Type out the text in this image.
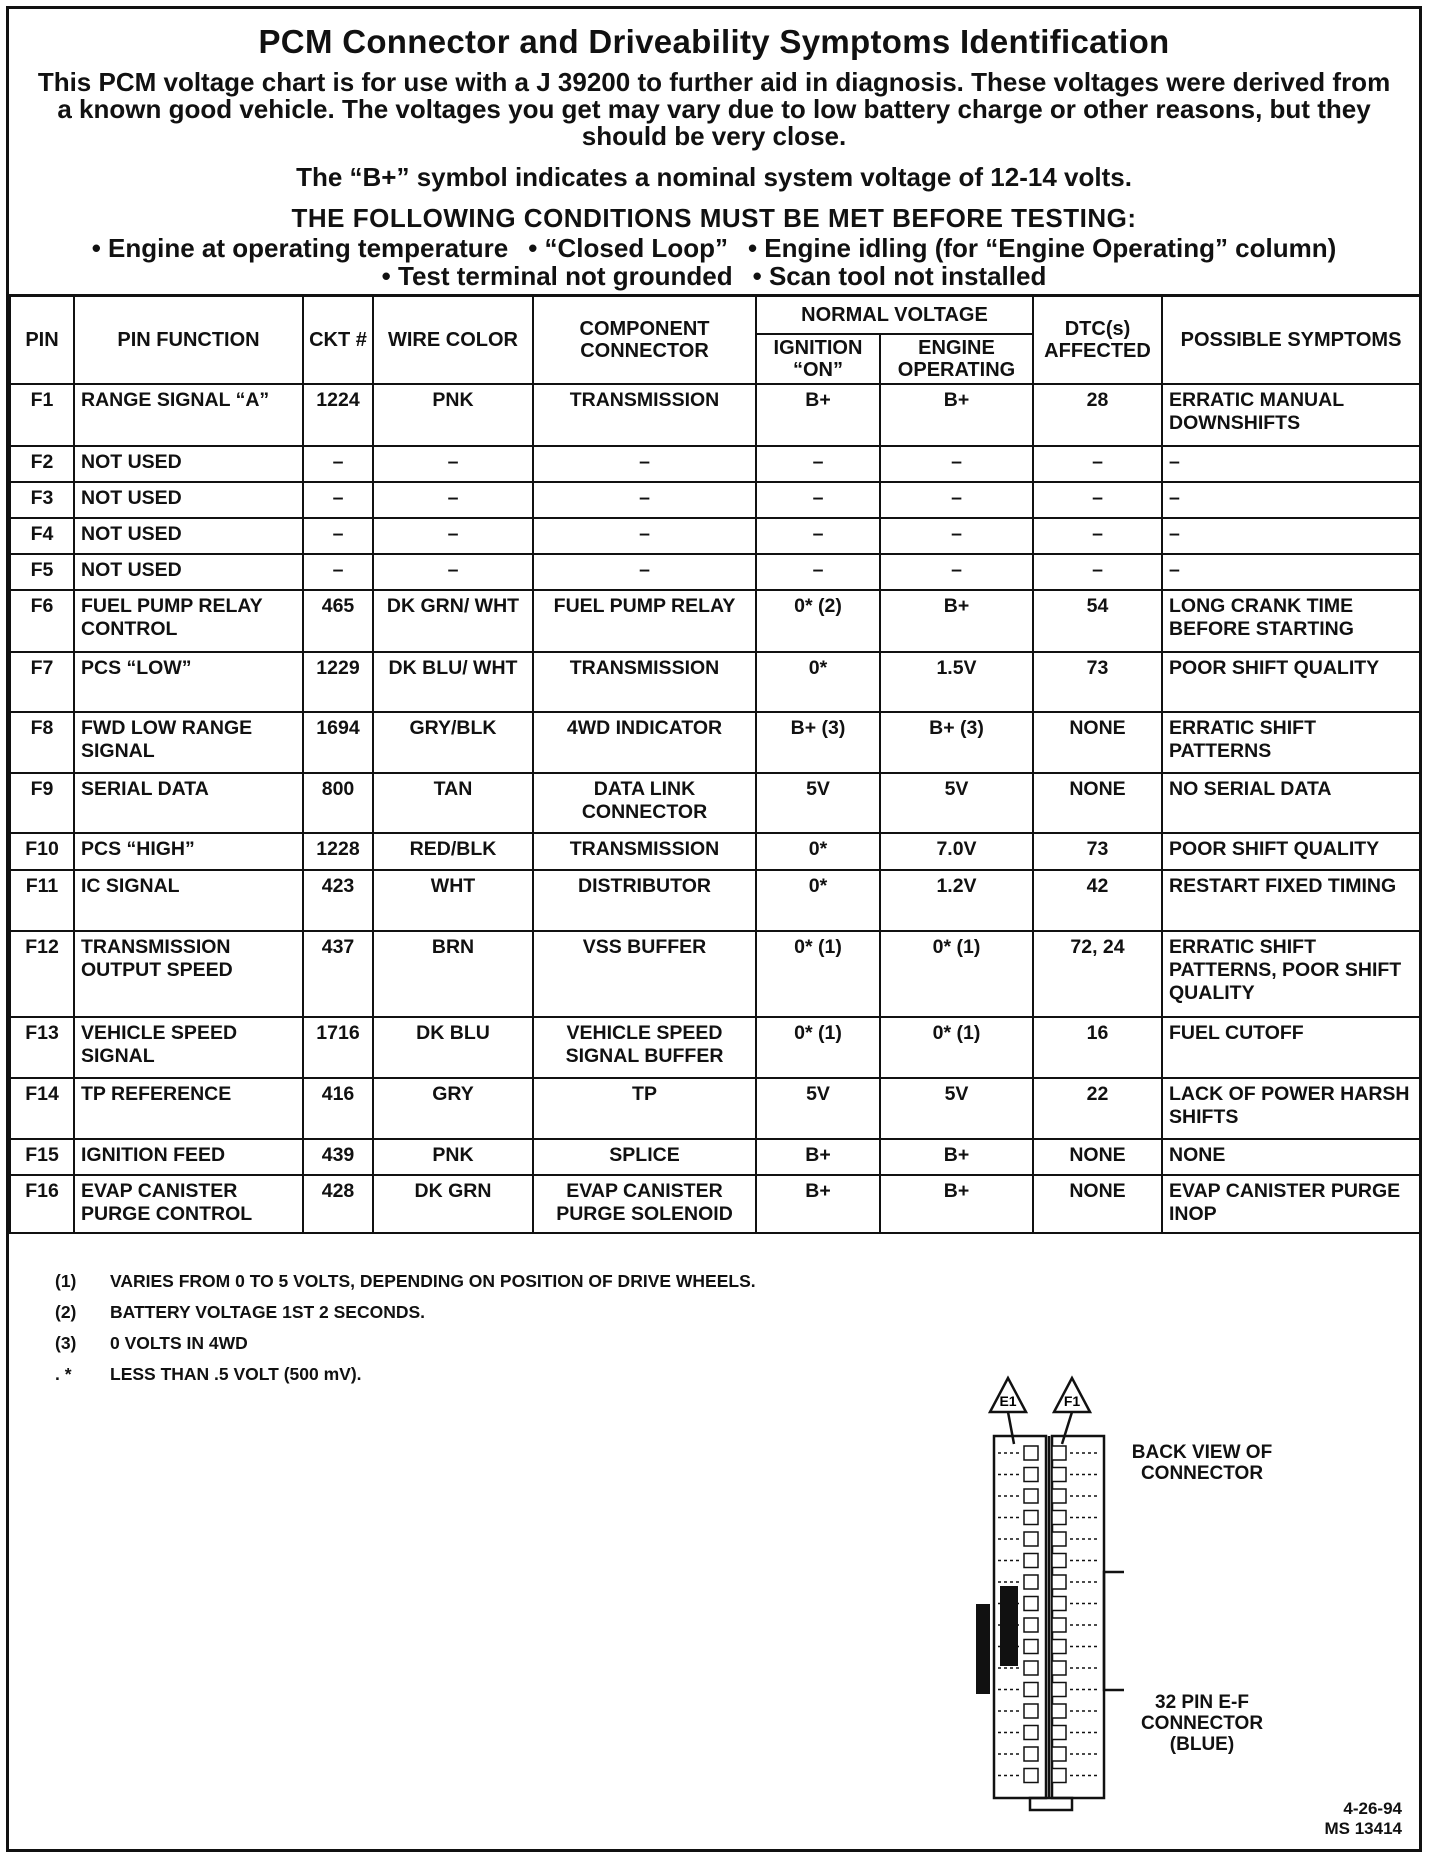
PCM Connector and Driveability Symptoms Identification
This PCM voltage chart is for use with a J 39200 to further aid in diagnosis. These voltages were derived from a known good vehicle. The voltages you get may vary due to low battery charge or other reasons, but they should be very close.
The “B+” symbol indicates a nominal system voltage of 12-14 volts.
THE FOLLOWING CONDITIONS MUST BE MET BEFORE TESTING:
• Engine at operating temperature • “Closed Loop” • Engine idling (for “Engine Operating” column)
• Test terminal not grounded • Scan tool not installed
PIN	PIN FUNCTION	CKT #	WIRE COLOR	COMPONENT CONNECTOR	NORMAL VOLTAGE		DTC(s) AFFECTED	POSSIBLE SYMPTOMS
					IGNITION “ON”	ENGINE OPERATING		
F1	RANGE SIGNAL “A”	1224	PNK	TRANSMISSION	B+	B+	28	ERRATIC MANUAL DOWNSHIFTS
F2	NOT USED	–	–	–	–	–	–	–
F3	NOT USED	–	–	–	–	–	–	–
F4	NOT USED	–	–	–	–	–	–	–
F5	NOT USED	–	–	–	–	–	–	–
F6	FUEL PUMP RELAY CONTROL	465	DK GRN/ WHT	FUEL PUMP RELAY	0* (2)	B+	54	LONG CRANK TIME BEFORE STARTING
F7	PCS “LOW”	1229	DK BLU/ WHT	TRANSMISSION	0*	1.5V	73	POOR SHIFT QUALITY
F8	FWD LOW RANGE SIGNAL	1694	GRY/BLK	4WD INDICATOR	B+ (3)	B+ (3)	NONE	ERRATIC SHIFT PATTERNS
F9	SERIAL DATA	800	TAN	DATA LINK CONNECTOR	5V	5V	NONE	NO SERIAL DATA
F10	PCS “HIGH”	1228	RED/BLK	TRANSMISSION	0*	7.0V	73	POOR SHIFT QUALITY
F11	IC SIGNAL	423	WHT	DISTRIBUTOR	0*	1.2V	42	RESTART FIXED TIMING
F12	TRANSMISSION OUTPUT SPEED	437	BRN	VSS BUFFER	0* (1)	0* (1)	72, 24	ERRATIC SHIFT PATTERNS, POOR SHIFT QUALITY
F13	VEHICLE SPEED SIGNAL	1716	DK BLU	VEHICLE SPEED SIGNAL BUFFER	0* (1)	0* (1)	16	FUEL CUTOFF
F14	TP REFERENCE	416	GRY	TP	5V	5V	22	LACK OF POWER HARSH SHIFTS
F15	IGNITION FEED	439	PNK	SPLICE	B+	B+	NONE	NONE
F16	EVAP CANISTER PURGE CONTROL	428	DK GRN	EVAP CANISTER PURGE SOLENOID	B+	B+	NONE	EVAP CANISTER PURGE INOP
(1)	VARIES FROM 0 TO 5 VOLTS, DEPENDING ON POSITION OF DRIVE WHEELS.
(2)	BATTERY VOLTAGE 1ST 2 SECONDS.
(3)	0 VOLTS IN 4WD
. *	LESS THAN .5 VOLT (500 mV).
E1	F1
BACK VIEW OF CONNECTOR
32 PIN E-F CONNECTOR (BLUE)
4-26-94
MS 13414
